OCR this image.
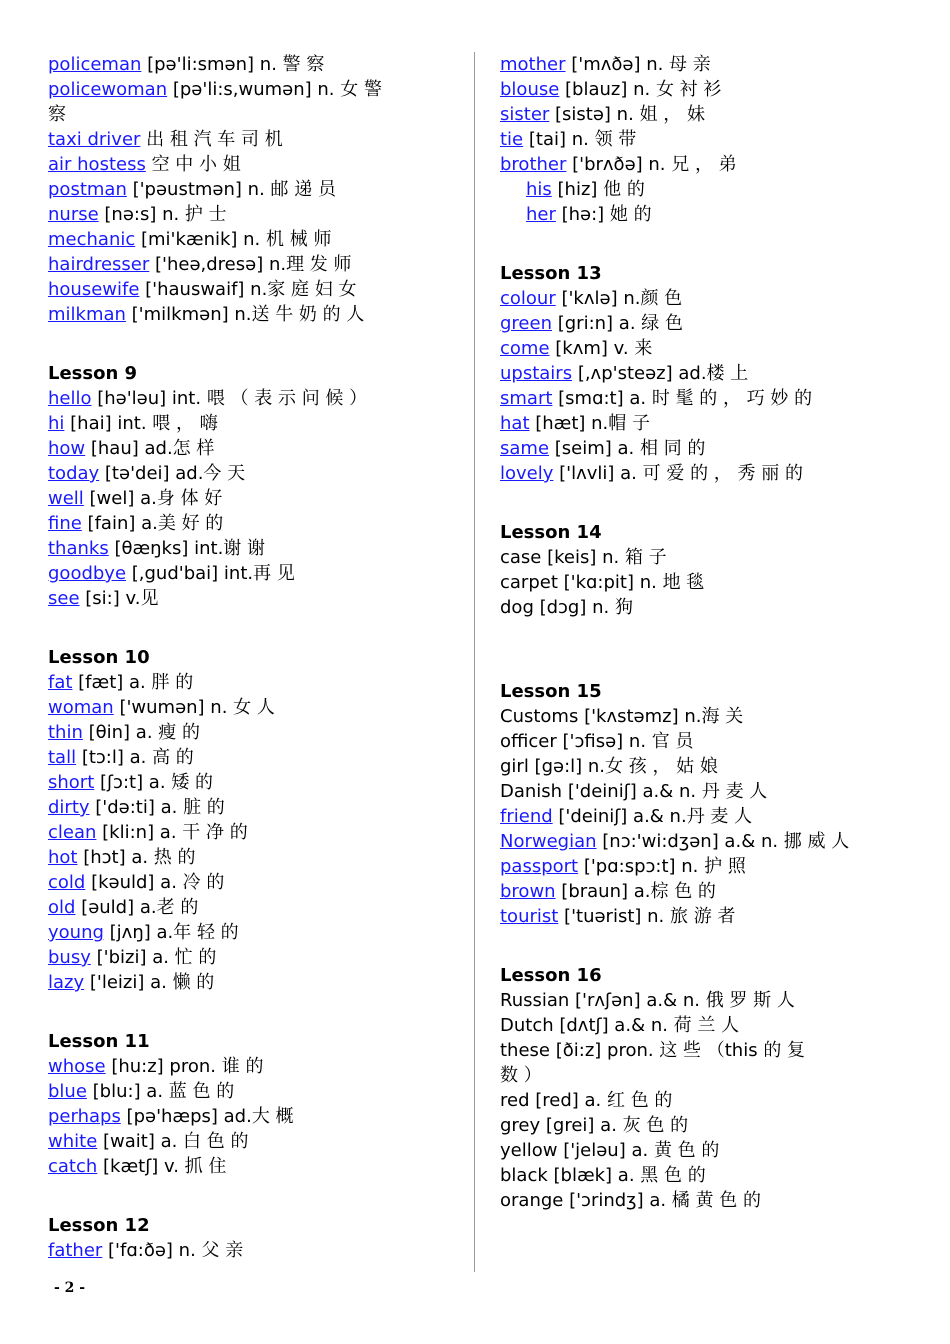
policeman [pə'li:smən] n. 警 察
policewoman [pə'li:s,wumən] n. 女 警
察
taxi driver 出 租 汽 车 司 机
air hostess 空 中 小 姐
postman ['pəustmən] n. 邮 递 员
nurse [nə:s] n. 护 士
mechanic [mi'kænik] n. 机 械 师
hairdresser ['heə,dresə] n.理 发 师
housewife ['hauswaif] n.家 庭 妇 女
milkman ['milkmən] n.送 牛 奶 的 人
Lesson 9
hello [hə'ləu] int. 喂 （ 表 示 问 候 ）
hi [hai] int. 喂 ， 嗨
how [hau] ad.怎 样
today [tə'dei] ad.今 天
well [wel] a.身 体 好
fine [fain] a.美 好 的
thanks [θæŋks] int.谢 谢
goodbye [,gud'bai] int.再 见
see [si:] v.见
Lesson 10
fat [fæt] a. 胖 的
woman ['wumən] n. 女 人
thin [θin] a. 瘦 的
tall [tɔ:l] a. 高 的
short [ʃɔ:t] a. 矮 的
dirty ['də:ti] a. 脏 的
clean [kli:n] a. 干 净 的
hot [hɔt] a. 热 的
cold [kəuld] a. 冷 的
old [əuld] a.老 的
young [jʌŋ] a.年 轻 的
busy ['bizi] a. 忙 的
lazy ['leizi] a. 懒 的
Lesson 11
whose [hu:z] pron. 谁 的
blue [blu:] a. 蓝 色 的
perhaps [pə'hæps] ad.大 概
white [wait] a. 白 色 的
catch [kætʃ] v. 抓 住
Lesson 12
father ['fɑ:ðə] n. 父 亲
mother ['mʌðə] n. 母 亲
blouse [blauz] n. 女 衬 衫
sister [sistə] n. 姐 ， 妹
tie [tai] n. 领 带
brother ['brʌðə] n. 兄 ， 弟
his [hiz] 他 的
her [hə:] 她 的
Lesson 13
colour ['kʌlə] n.颜 色
green [gri:n] a. 绿 色
come [kʌm] v. 来
upstairs [,ʌp'steəz] ad.楼 上
smart [smɑ:t] a. 时 髦 的 ， 巧 妙 的
hat [hæt] n.帽 子
same [seim] a. 相 同 的
lovely ['lʌvli] a. 可 爱 的 ， 秀 丽 的
Lesson 14
case [keis] n. 箱 子
carpet ['kɑ:pit] n. 地 毯
dog [dɔg] n. 狗
Lesson 15
Customs ['kʌstəmz] n.海 关
officer ['ɔfisə] n. 官 员
girl [gə:l] n.女 孩 ， 姑 娘
Danish ['deiniʃ] a.& n. 丹 麦 人
friend ['deiniʃ] a.& n.丹 麦 人
Norwegian [nɔ:'wi:dʒən] a.& n. 挪 威 人
passport ['pɑ:spɔ:t] n. 护 照
brown [braun] a.棕 色 的
tourist ['tuərist] n. 旅 游 者
Lesson 16
Russian ['rʌʃən] a.& n. 俄 罗 斯 人
Dutch [dʌtʃ] a.& n. 荷 兰 人
these [ði:z] pron. 这 些 （this 的 复
数 ）
red [red] a. 红 色 的
grey [grei] a. 灰 色 的
yellow ['jeləu] a. 黄 色 的
black [blæk] a. 黑 色 的
orange ['ɔrindʒ] a. 橘 黄 色 的
- 2 -
